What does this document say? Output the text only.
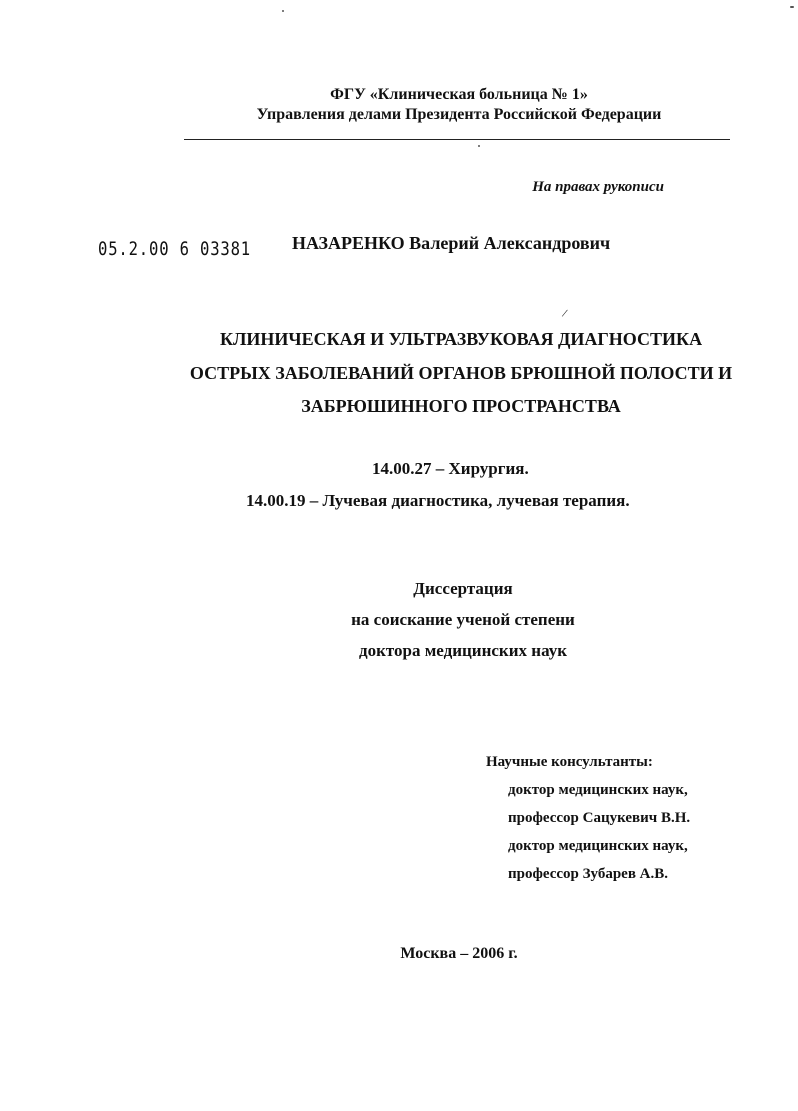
ФГУ «Клиническая больница № 1»
Управления делами Президента Российской Федерации
На правах рукописи
05.2.00 6 03381 НАЗАРЕНКО Валерий Александрович
/
КЛИНИЧЕСКАЯ И УЛЬТРАЗВУКОВАЯ ДИАГНОСТИКА
ОСТРЫХ ЗАБОЛЕВАНИЙ ОРГАНОВ БРЮШНОЙ ПОЛОСТИ И
ЗАБРЮШИННОГО ПРОСТРАНСТВА
14.00.27 – Хирургия.
14.00.19 – Лучевая диагностика, лучевая терапия.
Диссертация
на соискание ученой степени
доктора медицинских наук
Научные консультанты:
доктор медицинских наук,
профессор Сацукевич В.Н.
доктор медицинских наук,
профессор Зубарев А.В.
Москва – 2006 г.
